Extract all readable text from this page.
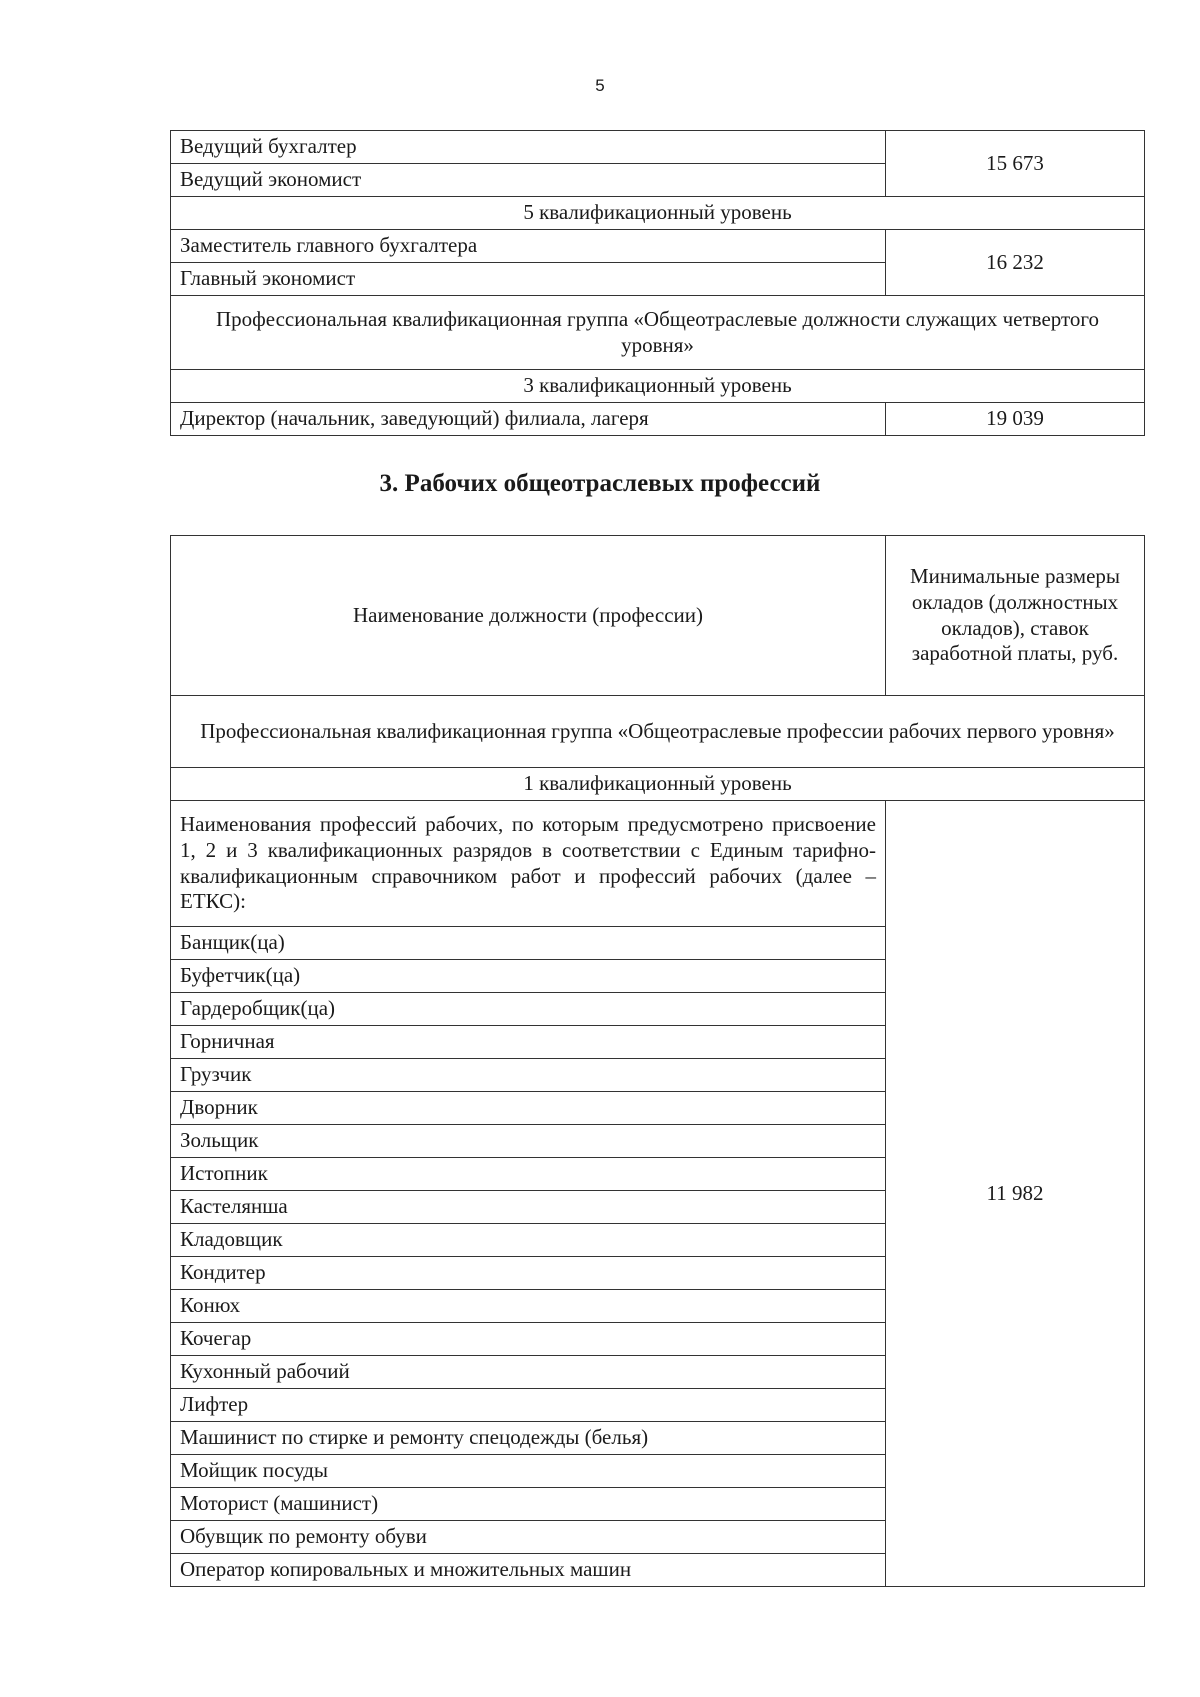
5
Ведущий бухгалтер	15 673
Ведущий экономист	
5 квалификационный уровень	
Заместитель главного бухгалтера	16 232
Главный экономист	
Профессиональная квалификационная группа «Общеотраслевые должности служащих четвертого уровня»	
3 квалификационный уровень	
Директор (начальник, заведующий) филиала, лагеря	19 039
3. Рабочих общеотраслевых профессий
Наименование должности (профессии)	Минимальные размеры окладов (должностных окладов), ставок заработной платы, руб.
Профессиональная квалификационная группа «Общеотраслевые профессии рабочих первого уровня»	
1 квалификационный уровень	
Наименования профессий рабочих, по которым предусмотрено присвоение 1, 2 и 3 квалификационных разрядов в соответствии с Единым тарифно-квалификационным справочником работ и профессий рабочих (далее – ЕТКС):	11 982
Банщик(ца)	
Буфетчик(ца)	
Гардеробщик(ца)	
Горничная	
Грузчик	
Дворник	
Зольщик	
Истопник	
Кастелянша	
Кладовщик	
Кондитер	
Конюх	
Кочегар	
Кухонный рабочий	
Лифтер	
Машинист по стирке и ремонту спецодежды (белья)	
Мойщик посуды	
Моторист (машинист)	
Обувщик по ремонту обуви	
Оператор копировальных и множительных машин	
